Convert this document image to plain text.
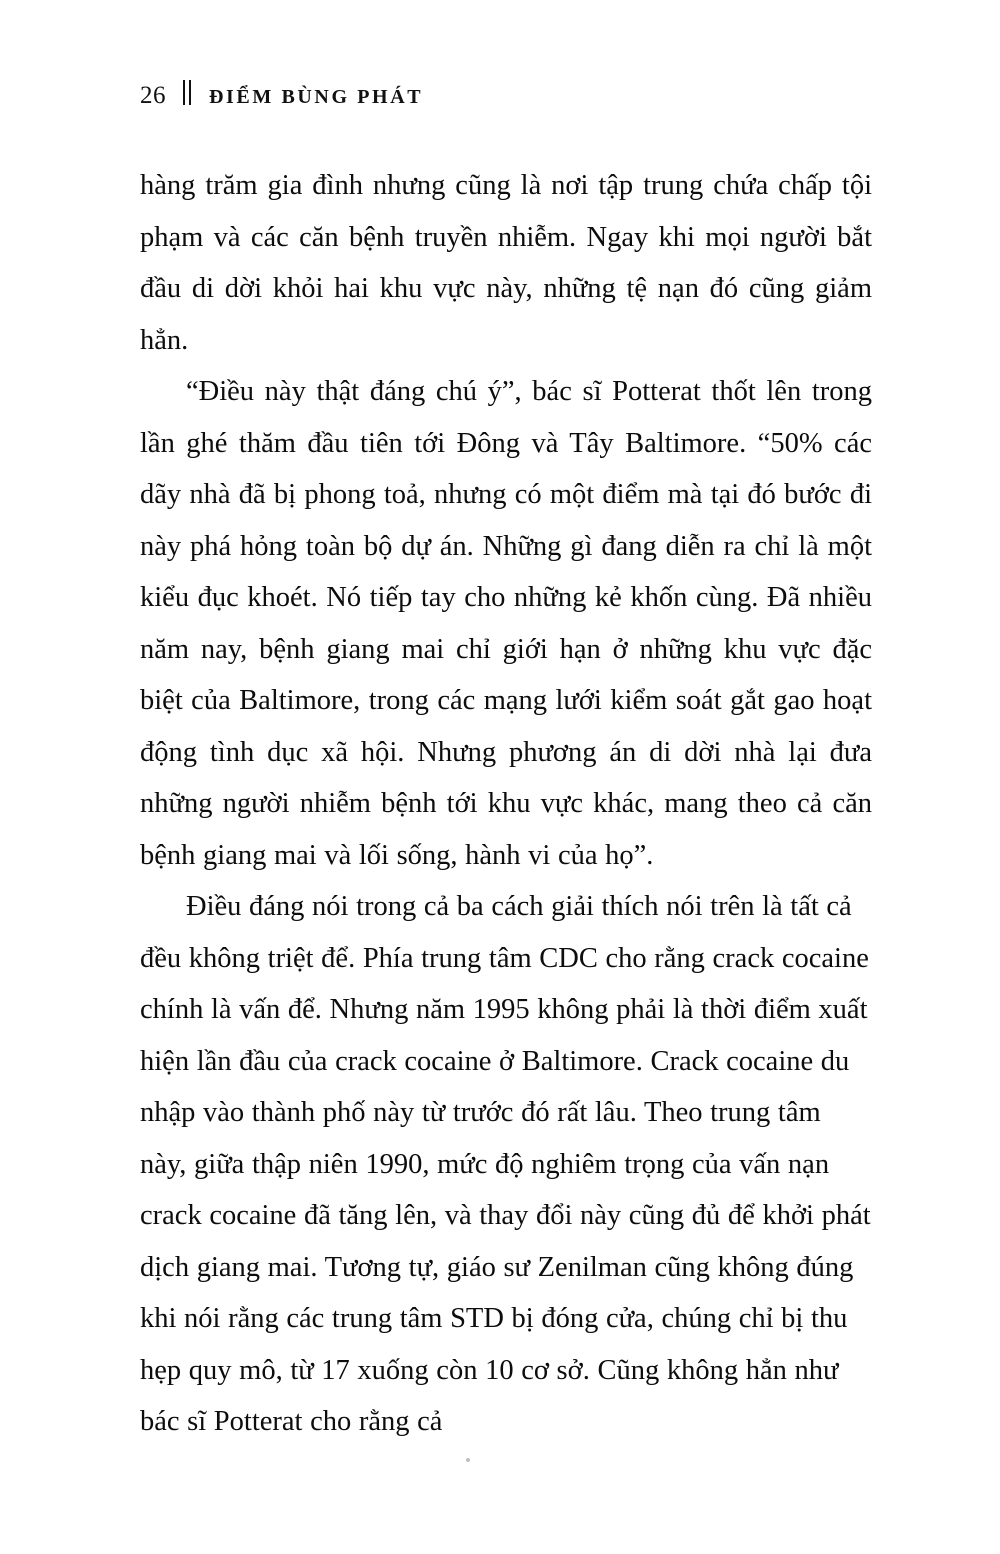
26 ĐIỂM BÙNG PHÁT

hàng trăm gia đình nhưng cũng là nơi tập trung chứa chấp tội phạm và các căn bệnh truyền nhiễm. Ngay khi mọi người bắt đầu di dời khỏi hai khu vực này, những tệ nạn đó cũng giảm hẳn.

“Điều này thật đáng chú ý”, bác sĩ Potterat thốt lên trong lần ghé thăm đầu tiên tới Đông và Tây Baltimore. “50% các dãy nhà đã bị phong toả, nhưng có một điểm mà tại đó bước đi này phá hỏng toàn bộ dự án. Những gì đang diễn ra chỉ là một kiểu đục khoét. Nó tiếp tay cho những kẻ khốn cùng. Đã nhiều năm nay, bệnh giang mai chỉ giới hạn ở những khu vực đặc biệt của Baltimore, trong các mạng lưới kiểm soát gắt gao hoạt động tình dục xã hội. Nhưng phương án di dời nhà lại đưa những người nhiễm bệnh tới khu vực khác, mang theo cả căn bệnh giang mai và lối sống, hành vi của họ”.

Điều đáng nói trong cả ba cách giải thích nói trên là tất cả đều không triệt để. Phía trung tâm CDC cho rằng crack cocaine chính là vấn để. Nhưng năm 1995 không phải là thời điểm xuất hiện lần đầu của crack cocaine ở Baltimore. Crack cocaine du nhập vào thành phố này từ trước đó rất lâu. Theo trung tâm này, giữa thập niên 1990, mức độ nghiêm trọng của vấn nạn crack cocaine đã tăng lên, và thay đổi này cũng đủ để khởi phát dịch giang mai. Tương tự, giáo sư Zenilman cũng không đúng khi nói rằng các trung tâm STD bị đóng cửa, chúng chỉ bị thu hẹp quy mô, từ 17 xuống còn 10 cơ sở. Cũng không hẳn như bác sĩ Potterat cho rằng cả
